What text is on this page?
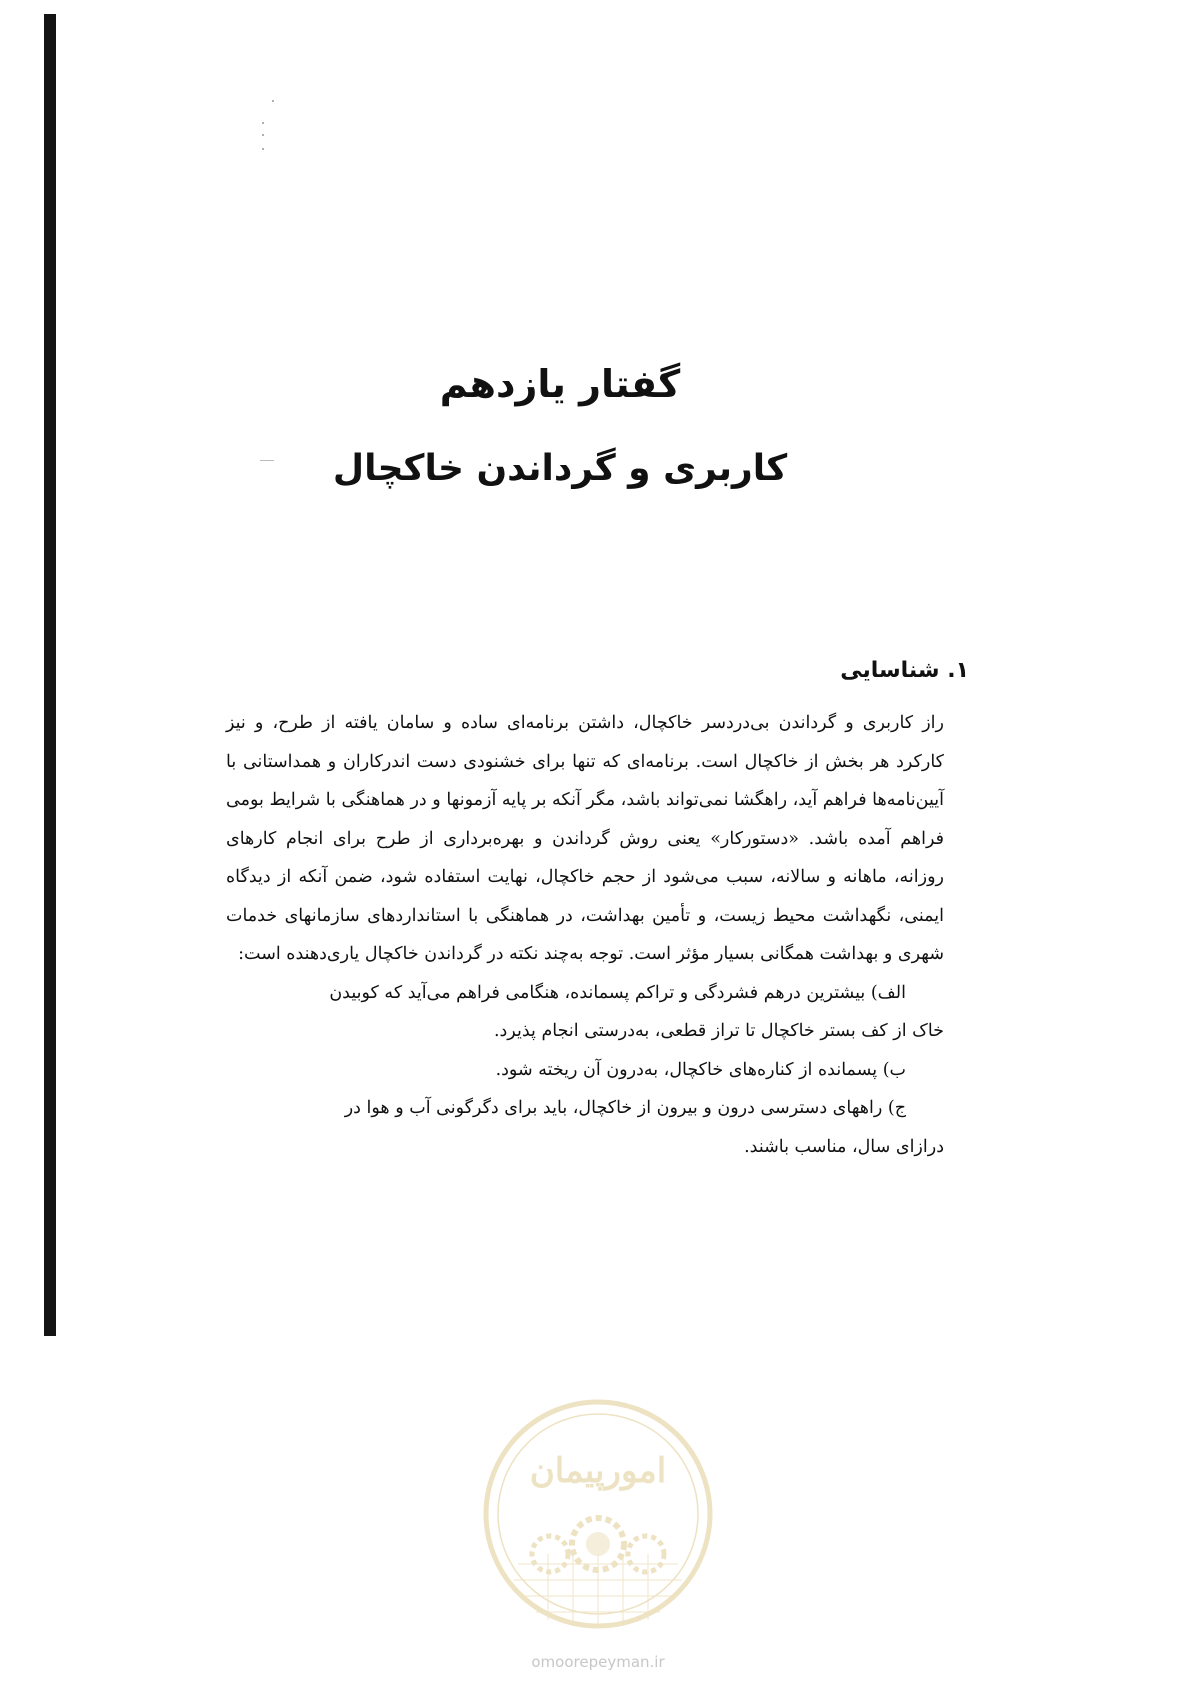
گفتار یازدهم
کاربری و گرداندن خاکچال
۱. شناسایی

راز کاربری و گرداندن بی‌دردسر خاکچال، داشتن برنامه‌ای ساده و سامان یافته از طرح، و نیز کارکرد هر بخش از خاکچال است. برنامه‌ای که تنها برای خشنودی دست اندرکاران و همداستانی با آیین‌نامه‌ها فراهم آید، راهگشا نمی‌تواند باشد، مگر آنکه بر پایه آزمونها و در هماهنگی با شرایط بومی فراهم آمده باشد. «دستورکار» یعنی روش گرداندن و بهره‌برداری از طرح برای انجام کارهای روزانه، ماهانه و سالانه، سبب می‌شود از حجم خاکچال، نهایت استفاده شود، ضمن آنکه از دیدگاه ایمنی، نگهداشت محیط زیست، و تأمین بهداشت، در هماهنگی با استانداردهای سازمانهای خدمات شهری و بهداشت همگانی بسیار مؤثر است. توجه به‌چند نکته در گرداندن خاکچال یاری‌دهنده است:

الف) بیشترین درهم فشردگی و تراکم پسمانده، هنگامی فراهم می‌آید که کوبیدن

خاک از کف بستر خاکچال تا تراز قطعی، به‌درستی انجام پذیرد.

ب) پسمانده از کناره‌های خاکچال، به‌درون آن ریخته شود.

ج) راههای دسترسی درون و بیرون از خاکچال، باید برای دگرگونی آب و هوا در

درازای سال، مناسب باشند.

امورپیمان
omoorepeyman.ir
